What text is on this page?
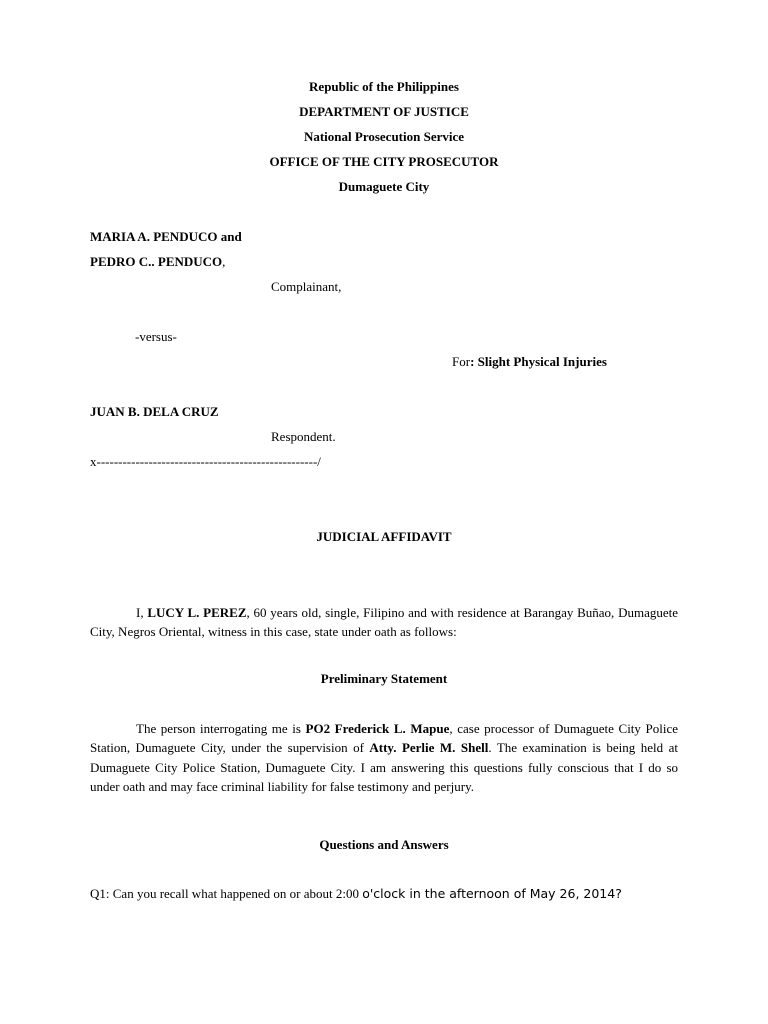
Republic of the Philippines

DEPARTMENT OF JUSTICE

National Prosecution Service

OFFICE OF THE CITY PROSECUTOR

Dumaguete City

MARIA A. PENDUCO and

PEDRO C.. PENDUCO,

Complainant,

-versus-

For: Slight Physical Injuries

JUAN B. DELA CRUZ

Respondent.

x---------------------------------------------------/

JUDICIAL AFFIDAVIT

I, LUCY L. PEREZ, 60 years old, single, Filipino and with residence at Barangay Buñao, Dumaguete City, Negros Oriental, witness in this case, state under oath as follows:

Preliminary Statement

The person interrogating me is PO2 Frederick L. Mapue, case processor of Dumaguete City Police Station, Dumaguete City, under the supervision of Atty. Perlie M. Shell. The examination is being held at Dumaguete City Police Station, Dumaguete City. I am answering this questions fully conscious that I do so under oath and may face criminal liability for false testimony and perjury.

Questions and Answers

Q1: Can you recall what happened on or about 2:00 o'clock in the afternoon of May 26, 2014?
